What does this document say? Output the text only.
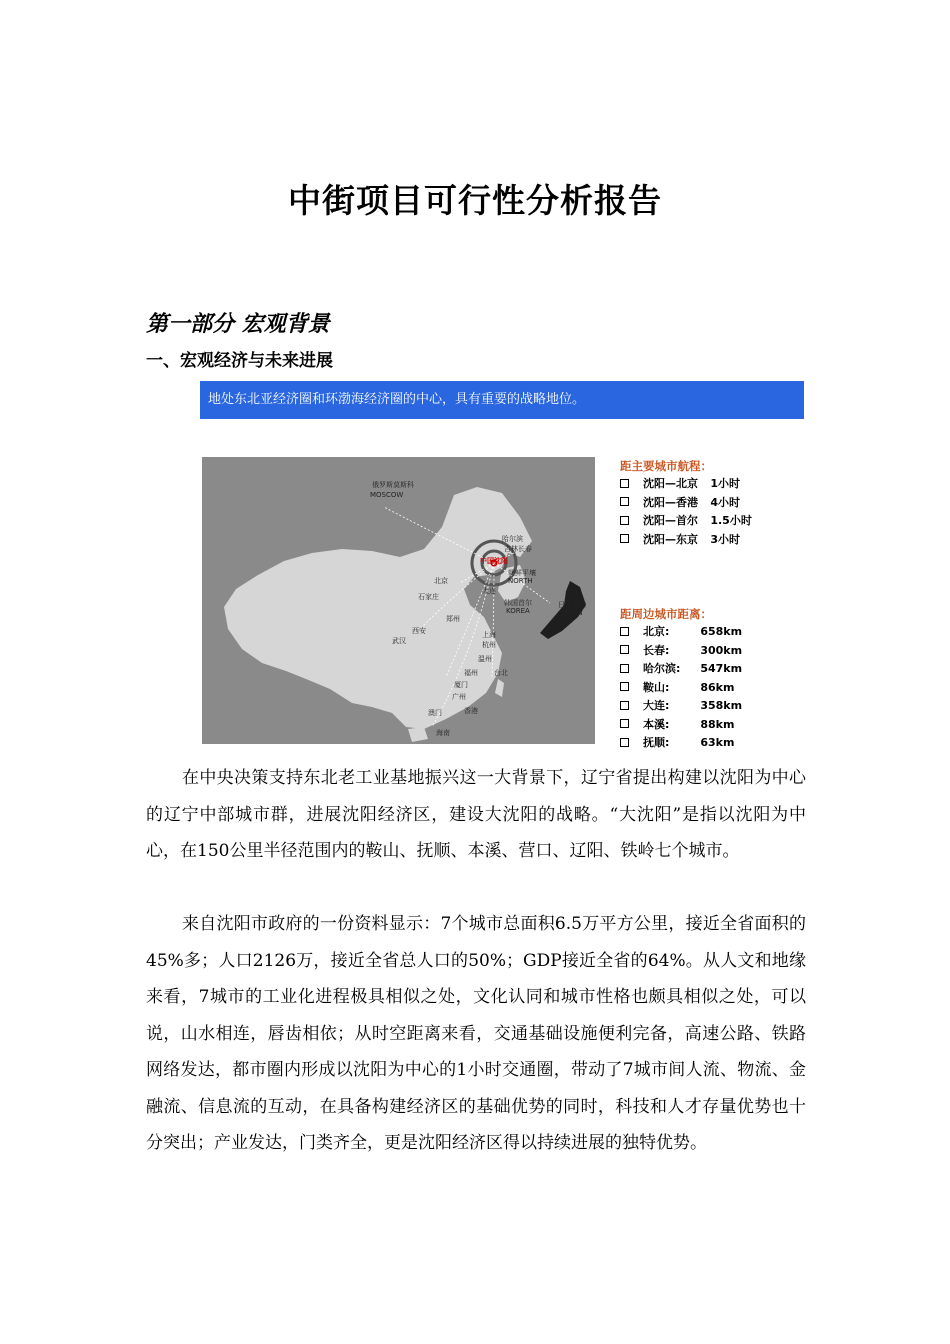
中街项目可行性分析报告
第一部分 宏观背景
一、宏观经济与未来进展
地处东北亚经济圈和环渤海经济圈的中心，具有重要的战略地位。
俄罗斯莫斯科
MOSCOW
哈尔滨
吉林长春
中国沈阳
朝鲜平壤
NORTH
北京
石家庄
大连
韩国首尔
KOREA
日本东京
JAPAN
郑州
西安
武汉
上海
杭州
温州
福州 台北
厦门
广州
香港
澳门
海南
距主要城市航程：
沈阳—北京 1小时
沈阳—香港 4小时
沈阳—首尔 1.5小时
沈阳—东京 3小时
距周边城市距离：
北京:	658km
长春:	300km
哈尔滨: 547km
鞍山:	86km
大连:	358km
本溪:	88km
抚顺:	63km

在中央决策支持东北老工业基地振兴这一大背景下，辽宁省提出构建以沈阳为中心的辽宁中部城市群，进展沈阳经济区，建设大沈阳的战略。“大沈阳”是指以沈阳为中心，在150公里半径范围内的鞍山、抚顺、本溪、营口、辽阳、铁岭七个城市。

来自沈阳市政府的一份资料显示：7个城市总面积6.5万平方公里，接近全省面积的45%多；人口2126万，接近全省总人口的50%；GDP接近全省的64%。从人文和地缘来看，7城市的工业化进程极具相似之处，文化认同和城市性格也颇具相似之处，可以说，山水相连，唇齿相依；从时空距离来看，交通基础设施便利完备，高速公路、铁路网络发达，都市圈内形成以沈阳为中心的1小时交通圈，带动了7城市间人流、物流、金融流、信息流的互动，在具备构建经济区的基础优势的同时，科技和人才存量优势也十分突出；产业发达，门类齐全，更是沈阳经济区得以持续进展的独特优势。
